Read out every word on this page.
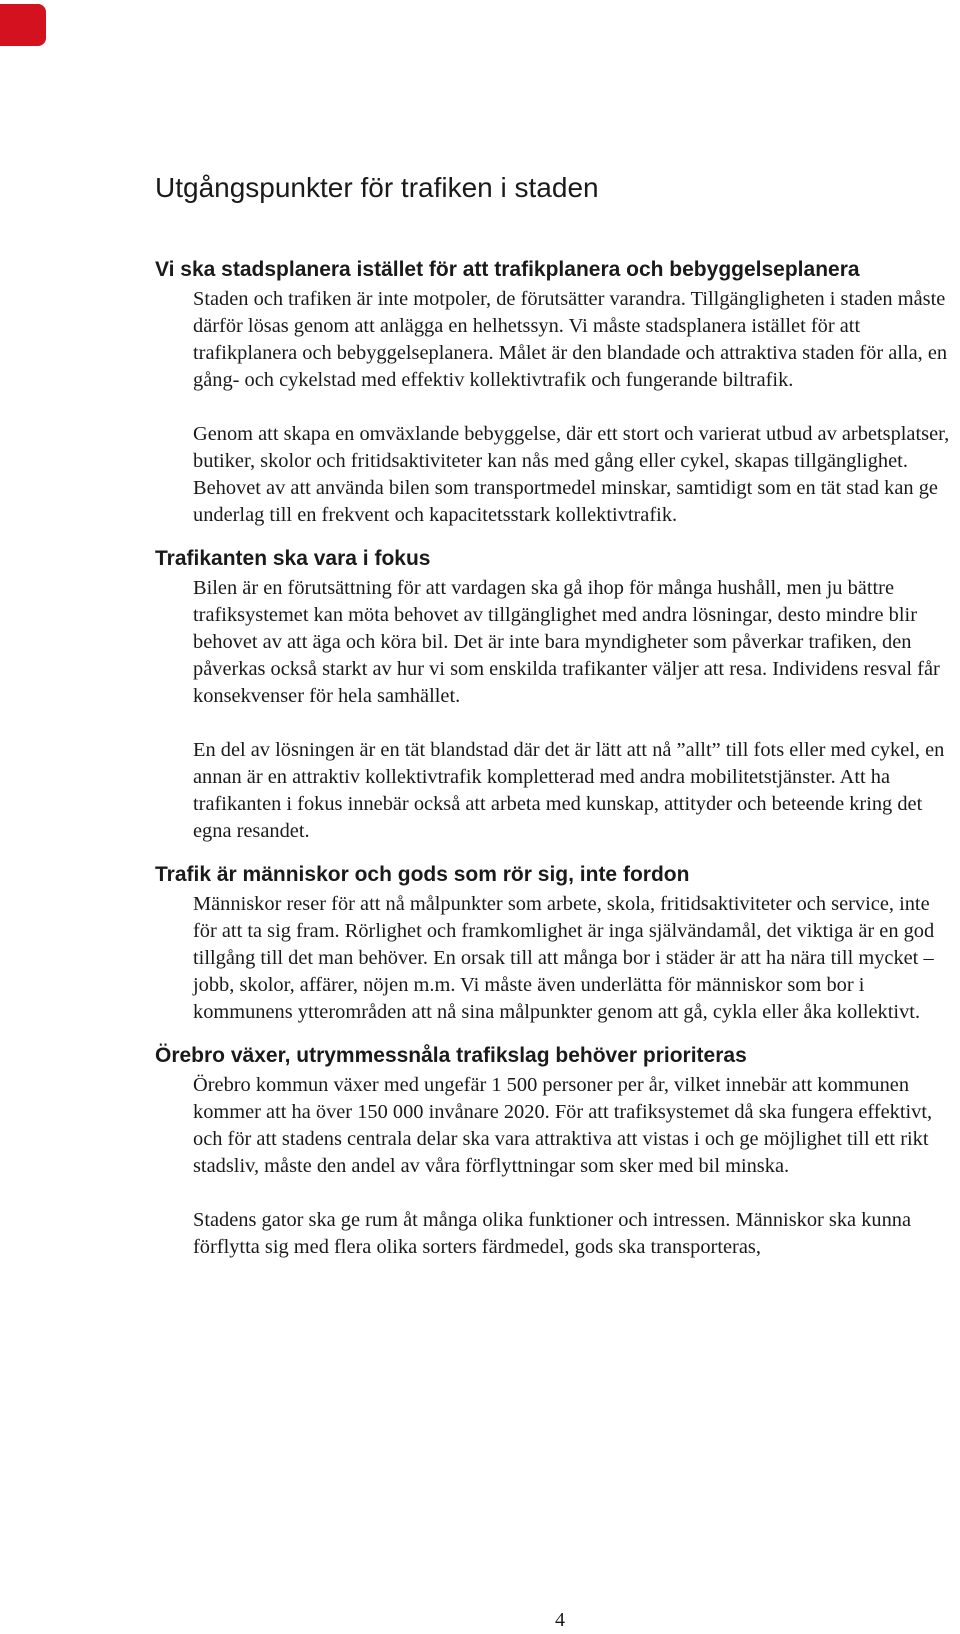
Utgångspunkter för trafiken i staden
Vi ska stadsplanera istället för att trafikplanera och bebyggelseplanera

Staden och trafiken är inte motpoler, de förutsätter varandra. Tillgängligheten i staden måste därför lösas genom att anlägga en helhetssyn. Vi måste stadsplanera istället för att trafikplanera och bebyggelseplanera. Målet är den blandade och attraktiva staden för alla, en gång- och cykelstad med effektiv kollektivtrafik och fungerande biltrafik.

Genom att skapa en omväxlande bebyggelse, där ett stort och varierat utbud av arbetsplatser, butiker, skolor och fritidsaktiviteter kan nås med gång eller cykel, skapas tillgänglighet. Behovet av att använda bilen som transportmedel minskar, samtidigt som en tät stad kan ge underlag till en frekvent och kapacitetsstark kollektivtrafik.

Trafikanten ska vara i fokus

Bilen är en förutsättning för att vardagen ska gå ihop för många hushåll, men ju bättre trafiksystemet kan möta behovet av tillgänglighet med andra lösningar, desto mindre blir behovet av att äga och köra bil. Det är inte bara myndigheter som påverkar trafiken, den påverkas också starkt av hur vi som enskilda trafikanter väljer att resa. Individens resval får konsekvenser för hela samhället.

En del av lösningen är en tät blandstad där det är lätt att nå ”allt” till fots eller med cykel, en annan är en attraktiv kollektivtrafik kompletterad med andra mobilitetstjänster. Att ha trafikanten i fokus innebär också att arbeta med kunskap, attityder och beteende kring det egna resandet.

Trafik är människor och gods som rör sig, inte fordon

Människor reser för att nå målpunkter som arbete, skola, fritidsaktiviteter och service, inte för att ta sig fram. Rörlighet och framkomlighet är inga självändamål, det viktiga är en god tillgång till det man behöver. En orsak till att många bor i städer är att ha nära till mycket – jobb, skolor, affärer, nöjen m.m. Vi måste även underlätta för människor som bor i kommunens ytterområden att nå sina målpunkter genom att gå, cykla eller åka kollektivt.

Örebro växer, utrymmessnåla trafikslag behöver prioriteras

Örebro kommun växer med ungefär 1 500 personer per år, vilket innebär att kommunen kommer att ha över 150 000 invånare 2020. För att trafiksystemet då ska fungera effektivt, och för att stadens centrala delar ska vara attraktiva att vistas i och ge möjlighet till ett rikt stadsliv, måste den andel av våra förflyttningar som sker med bil minska.

Stadens gator ska ge rum åt många olika funktioner och intressen. Människor ska kunna förflytta sig med flera olika sorters färdmedel, gods ska transporteras,

4
